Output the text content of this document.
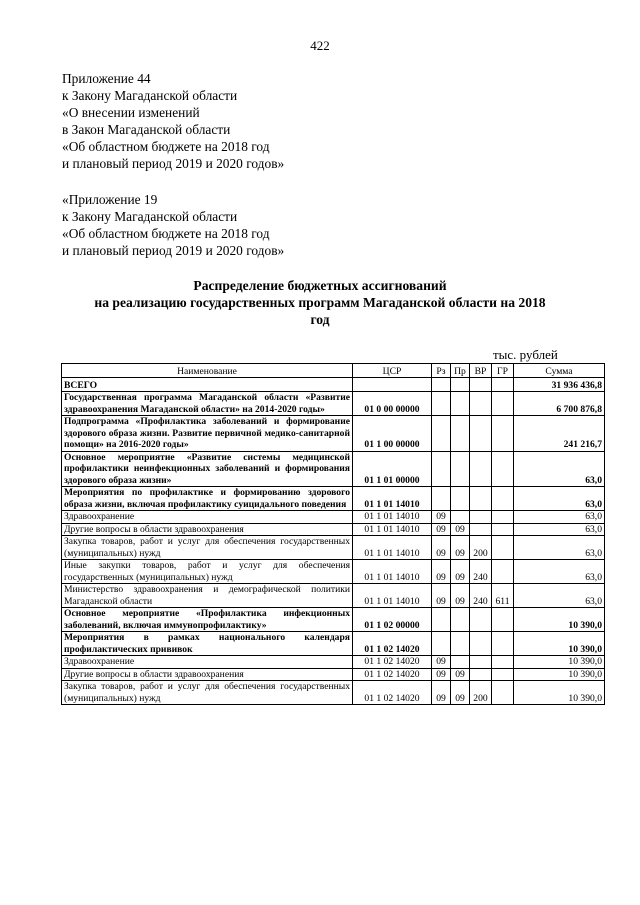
422
Приложение 44
к Закону Магаданской области
«О внесении изменений
в Закон Магаданской области
«Об областном бюджете на 2018 год
и плановый период 2019 и 2020 годов»
«Приложение 19
к Закону Магаданской области
«Об областном бюджете на 2018 год
и плановый период 2019 и 2020 годов»
Распределение бюджетных ассигнований
на реализацию государственных программ Магаданской области на 2018
год
тыс. рублей
Наименование	ЦСР	Рз	Пр	ВР	ГР	Сумма
ВСЕГО						31 936 436,8
Государственная программа Магаданской области «Развитие здравоохранения Магаданской области» на 2014-2020 годы»	01 0 00 00000					6 700 876,8
Подпрограмма «Профилактика заболеваний и формирование здорового образа жизни. Развитие первичной медико-санитарной помощи» на 2016-2020 годы»	01 1 00 00000					241 216,7
Основное мероприятие «Развитие системы медицинской профилактики неинфекционных заболеваний и формирования здорового образа жизни»	01 1 01 00000					63,0
Мероприятия по профилактике и формированию здорового образа жизни, включая профилактику суицидального поведения	01 1 01 14010					63,0
Здравоохранение	01 1 01 14010	09				63,0
Другие вопросы в области здравоохранения	01 1 01 14010	09	09			63,0
Закупка товаров, работ и услуг для обеспечения государственных (муниципальных) нужд	01 1 01 14010	09	09	200		63,0
Иные закупки товаров, работ и услуг для обеспечения государственных (муниципальных) нужд	01 1 01 14010	09	09	240		63,0
Министерство здравоохранения и демографической политики Магаданской области	01 1 01 14010	09	09	240	611	63,0
Основное мероприятие «Профилактика инфекционных заболеваний, включая иммунопрофилактику»	01 1 02 00000					10 390,0
Мероприятия в рамках национального календаря профилактических прививок	01 1 02 14020					10 390,0
Здравоохранение	01 1 02 14020	09				10 390,0
Другие вопросы в области здравоохранения	01 1 02 14020	09	09			10 390,0
Закупка товаров, работ и услуг для обеспечения государственных (муниципальных) нужд	01 1 02 14020	09	09	200		10 390,0
